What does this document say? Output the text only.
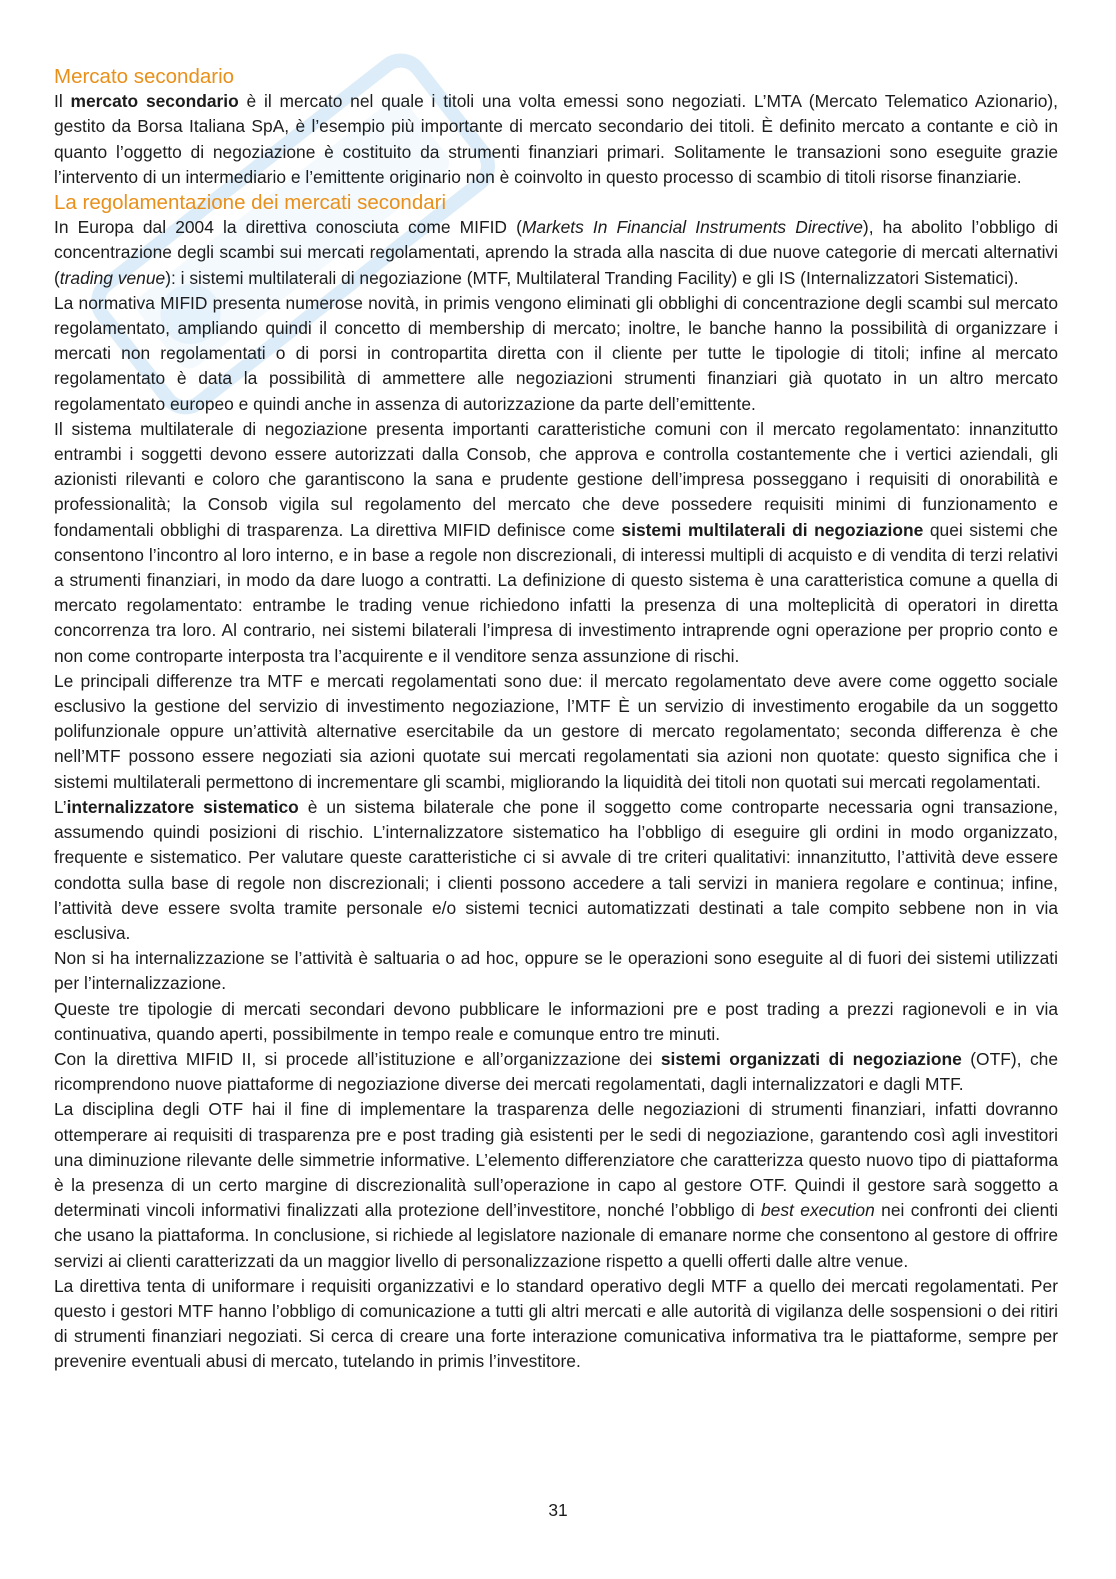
Mercato secondario

Il mercato secondario è il mercato nel quale i titoli una volta emessi sono negoziati. L’MTA (Mercato Telematico Azionario), gestito da Borsa Italiana SpA, è l’esempio più importante di mercato secondario dei titoli. È definito mercato a contante e ciò in quanto l’oggetto di negoziazione è costituito da strumenti finanziari primari. Solitamente le transazioni sono eseguite grazie l’intervento di un intermediario e l’emittente originario non è coinvolto in questo processo di scambio di titoli risorse finanziarie.

La regolamentazione dei mercati secondari

In Europa dal 2004 la direttiva conosciuta come MIFID (Markets In Financial Instruments Directive), ha abolito l’obbligo di concentrazione degli scambi sui mercati regolamentati, aprendo la strada alla nascita di due nuove categorie di mercati alternativi (trading venue): i sistemi multilaterali di negoziazione (MTF, Multilateral Tranding Facility) e gli IS (Internalizzatori Sistematici).

La normativa MIFID presenta numerose novità, in primis vengono eliminati gli obblighi di concentrazione degli scambi sul mercato regolamentato, ampliando quindi il concetto di membership di mercato; inoltre, le banche hanno la possibilità di organizzare i mercati non regolamentati o di porsi in contropartita diretta con il cliente per tutte le tipologie di titoli; infine al mercato regolamentato è data la possibilità di ammettere alle negoziazioni strumenti finanziari già quotato in un altro mercato regolamentato europeo e quindi anche in assenza di autorizzazione da parte dell’emittente.

Il sistema multilaterale di negoziazione presenta importanti caratteristiche comuni con il mercato regolamentato: innanzitutto entrambi i soggetti devono essere autorizzati dalla Consob, che approva e controlla costantemente che i vertici aziendali, gli azionisti rilevanti e coloro che garantiscono la sana e prudente gestione dell’impresa posseggano i requisiti di onorabilità e professionalità; la Consob vigila sul regolamento del mercato che deve possedere requisiti minimi di funzionamento e fondamentali obblighi di trasparenza. La direttiva MIFID definisce come sistemi multilaterali di negoziazione quei sistemi che consentono l’incontro al loro interno, e in base a regole non discrezionali, di interessi multipli di acquisto e di vendita di terzi relativi a strumenti finanziari, in modo da dare luogo a contratti. La definizione di questo sistema è una caratteristica comune a quella di mercato regolamentato: entrambe le trading venue richiedono infatti la presenza di una molteplicità di operatori in diretta concorrenza tra loro. Al contrario, nei sistemi bilaterali l’impresa di investimento intraprende ogni operazione per proprio conto e non come controparte interposta tra l’acquirente e il venditore senza assunzione di rischi.

Le principali differenze tra MTF e mercati regolamentati sono due: il mercato regolamentato deve avere come oggetto sociale esclusivo la gestione del servizio di investimento negoziazione, l’MTF È un servizio di investimento erogabile da un soggetto polifunzionale oppure un’attività alternative esercitabile da un gestore di mercato regolamentato; seconda differenza è che nell’MTF possono essere negoziati sia azioni quotate sui mercati regolamentati sia azioni non quotate: questo significa che i sistemi multilaterali permettono di incrementare gli scambi, migliorando la liquidità dei titoli non quotati sui mercati regolamentati.

L’internalizzatore sistematico è un sistema bilaterale che pone il soggetto come controparte necessaria ogni transazione, assumendo quindi posizioni di rischio. L’internalizzatore sistematico ha l’obbligo di eseguire gli ordini in modo organizzato, frequente e sistematico. Per valutare queste caratteristiche ci si avvale di tre criteri qualitativi: innanzitutto, l’attività deve essere condotta sulla base di regole non discrezionali; i clienti possono accedere a tali servizi in maniera regolare e continua; infine, l’attività deve essere svolta tramite personale e/o sistemi tecnici automatizzati destinati a tale compito sebbene non in via esclusiva.

Non si ha internalizzazione se l’attività è saltuaria o ad hoc, oppure se le operazioni sono eseguite al di fuori dei sistemi utilizzati per l’internalizzazione.

Queste tre tipologie di mercati secondari devono pubblicare le informazioni pre e post trading a prezzi ragionevoli e in via continuativa, quando aperti, possibilmente in tempo reale e comunque entro tre minuti.

Con la direttiva MIFID II, si procede all’istituzione e all’organizzazione dei sistemi organizzati di negoziazione (OTF), che ricomprendono nuove piattaforme di negoziazione diverse dei mercati regolamentati, dagli internalizzatori e dagli MTF.

La disciplina degli OTF hai il fine di implementare la trasparenza delle negoziazioni di strumenti finanziari, infatti dovranno ottemperare ai requisiti di trasparenza pre e post trading già esistenti per le sedi di negoziazione, garantendo così agli investitori una diminuzione rilevante delle simmetrie informative. L’elemento differenziatore che caratterizza questo nuovo tipo di piattaforma è la presenza di un certo margine di discrezionalità sull’operazione in capo al gestore OTF. Quindi il gestore sarà soggetto a determinati vincoli informativi finalizzati alla protezione dell’investitore, nonché l’obbligo di best execution nei confronti dei clienti che usano la piattaforma. In conclusione, si richiede al legislatore nazionale di emanare norme che consentono al gestore di offrire servizi ai clienti caratterizzati da un maggior livello di personalizzazione rispetto a quelli offerti dalle altre venue.

La direttiva tenta di uniformare i requisiti organizzativi e lo standard operativo degli MTF a quello dei mercati regolamentati. Per questo i gestori MTF hanno l’obbligo di comunicazione a tutti gli altri mercati e alle autorità di vigilanza delle sospensioni o dei ritiri di strumenti finanziari negoziati. Si cerca di creare una forte interazione comunicativa informativa tra le piattaforme, sempre per prevenire eventuali abusi di mercato, tutelando in primis l’investitore.

31
